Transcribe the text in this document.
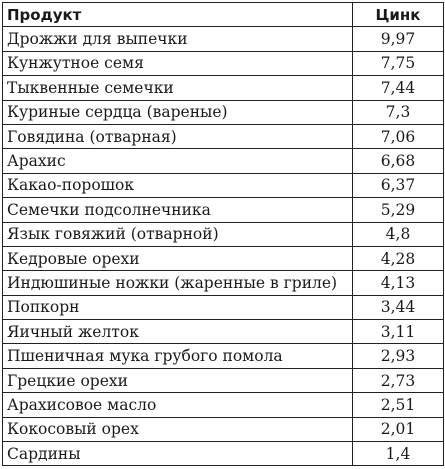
Продукт	Цинк
Дрожжи для выпечки	9,97
Кунжутное семя	7,75
Тыквенные семечки	7,44
Куриные сердца (вареные)	7,3
Говядина (отварная)	7,06
Арахис	6,68
Какао-порошок	6,37
Семечки подсолнечника	5,29
Язык говяжий (отварной)	4,8
Кедровые орехи	4,28
Индюшиные ножки (жаренные в гриле)	4,13
Попкорн	3,44
Яичный желток	3,11
Пшеничная мука грубого помола	2,93
Грецкие орехи	2,73
Арахисовое масло	2,51
Кокосовый орех	2,01
Сардины	1,4
